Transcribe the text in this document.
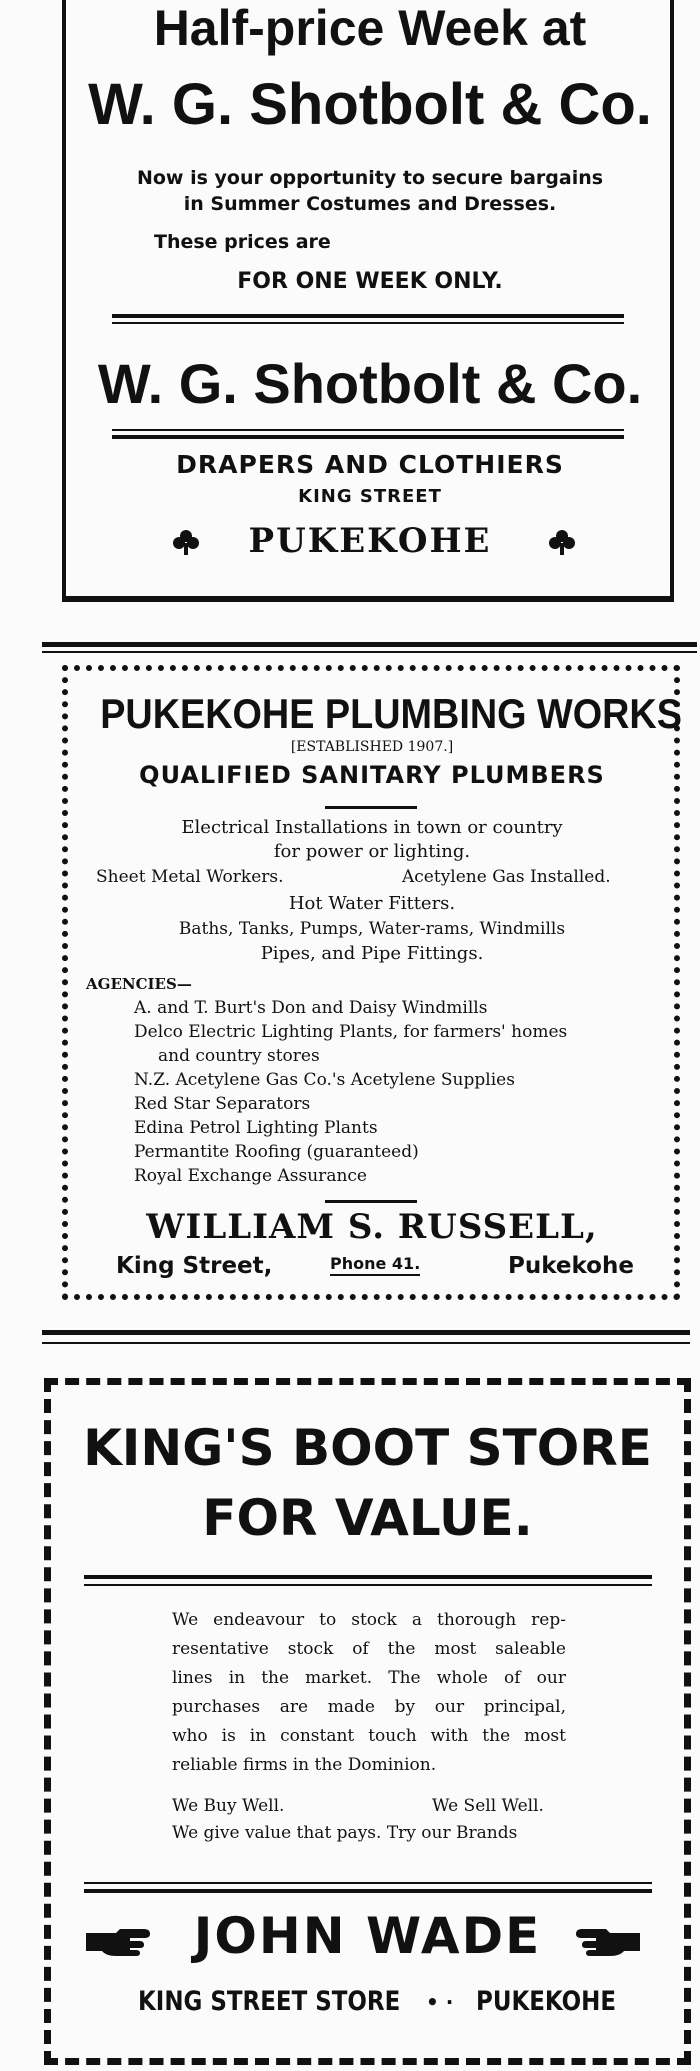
Half-price Week at
W. G. Shotbolt & Co.
Now is your opportunity to secure bargains
in Summer Costumes and Dresses.
These prices are
FOR ONE WEEK ONLY.
W. G. Shotbolt & Co.
DRAPERS AND CLOTHIERS
KING STREET
PUKEKOHE
PUKEKOHE PLUMBING WORKS
[ESTABLISHED 1907.]
QUALIFIED SANITARY PLUMBERS
Electrical Installations in town or country
for power or lighting.
Sheet Metal Workers.	Acetylene Gas Installed.
Hot Water Fitters.
Baths, Tanks, Pumps, Water-rams, Windmills
Pipes, and Pipe Fittings.
AGENCIES—
A. and T. Burt's Don and Daisy Windmills
Delco Electric Lighting Plants, for farmers' homes
and country stores
N.Z. Acetylene Gas Co.'s Acetylene Supplies
Red Star Separators
Edina Petrol Lighting Plants
Permantite Roofing (guaranteed)
Royal Exchange Assurance
WILLIAM S. RUSSELL,
King Street,	Phone 41.	Pukekohe
KING'S BOOT STORE
FOR VALUE.
We endeavour to stock a thorough rep-
resentative stock of the most saleable
lines in the market. The whole of our
purchases are made by our principal,
who is in constant touch with the most
reliable firms in the Dominion.
We Buy Well.	We Sell Well.
We give value that pays. Try our Brands
JOHN WADE
KING STREET STORE • · PUKEKOHE
